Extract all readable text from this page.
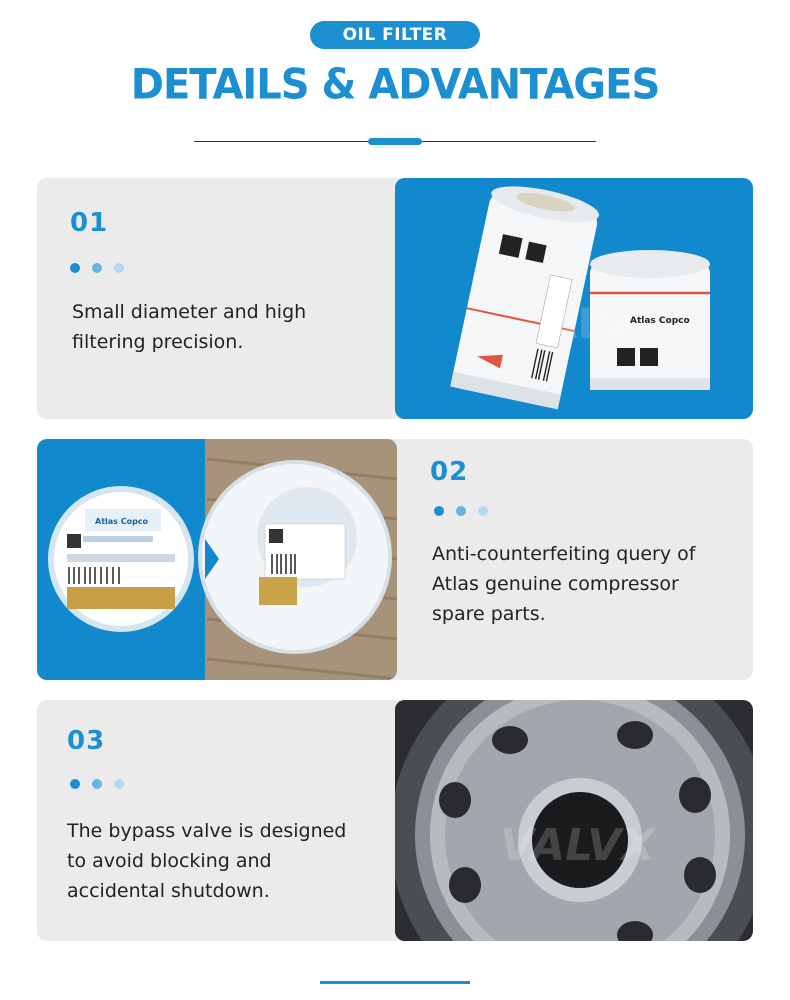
OIL FILTER
DETAILS & ADVANTAGES
01
Small diameter and high
filtering precision.
Atlas Copco
ALV
Atlas Copco
02
Anti-counterfeiting query of
Atlas genuine compressor
spare parts.
03
The bypass valve is designed
to avoid blocking and
accidental shutdown.
VALVX
